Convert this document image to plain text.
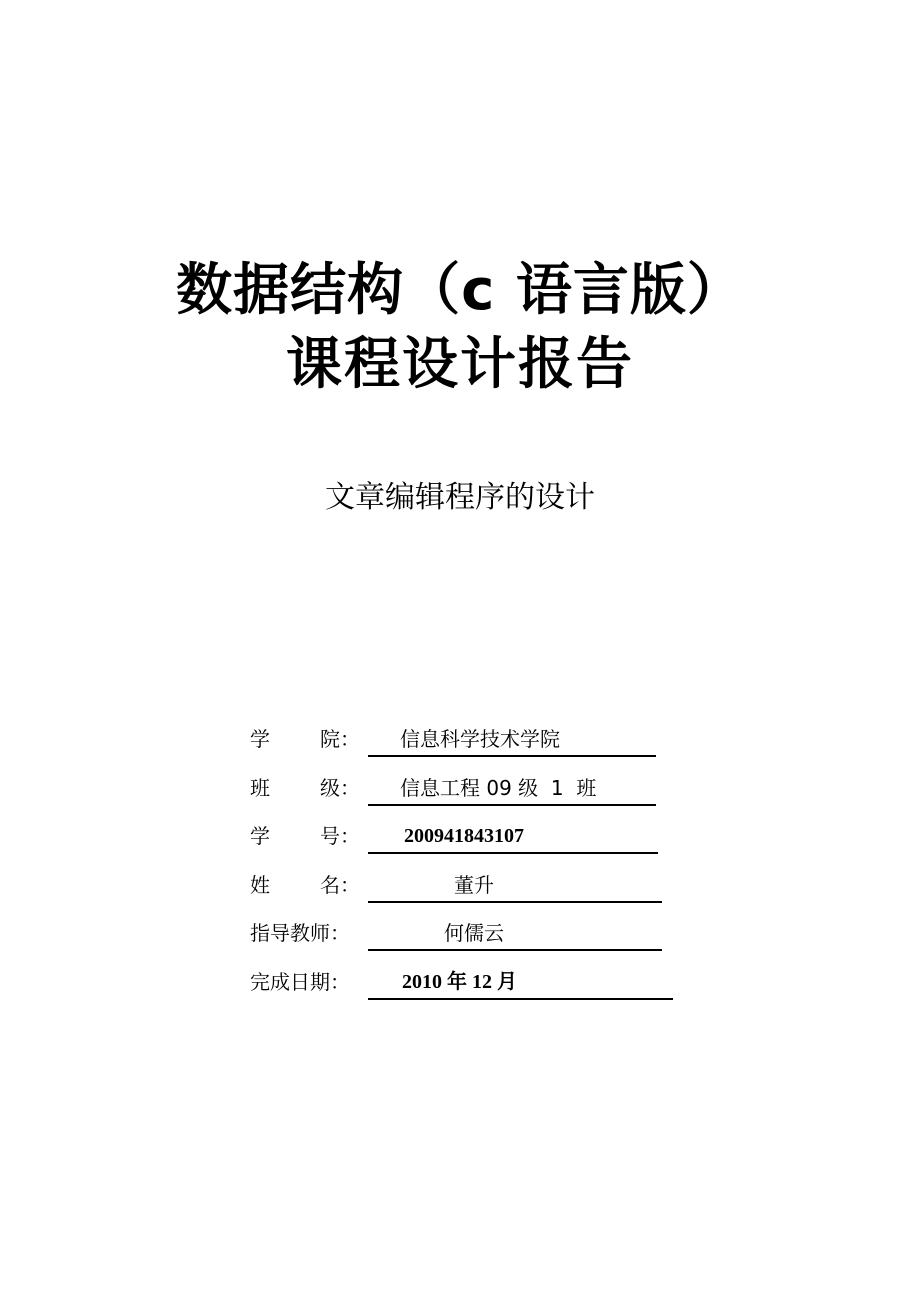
数据结构（c 语言版）
课程设计报告
文章编辑程序的设计
学	院： 信息科学技术学院
班	级： 信息工程 09 级  1  班
学	号： 200941843107
姓	名：	董升
指导教师：	何儒云
完成日期：	2010 年 12 月
